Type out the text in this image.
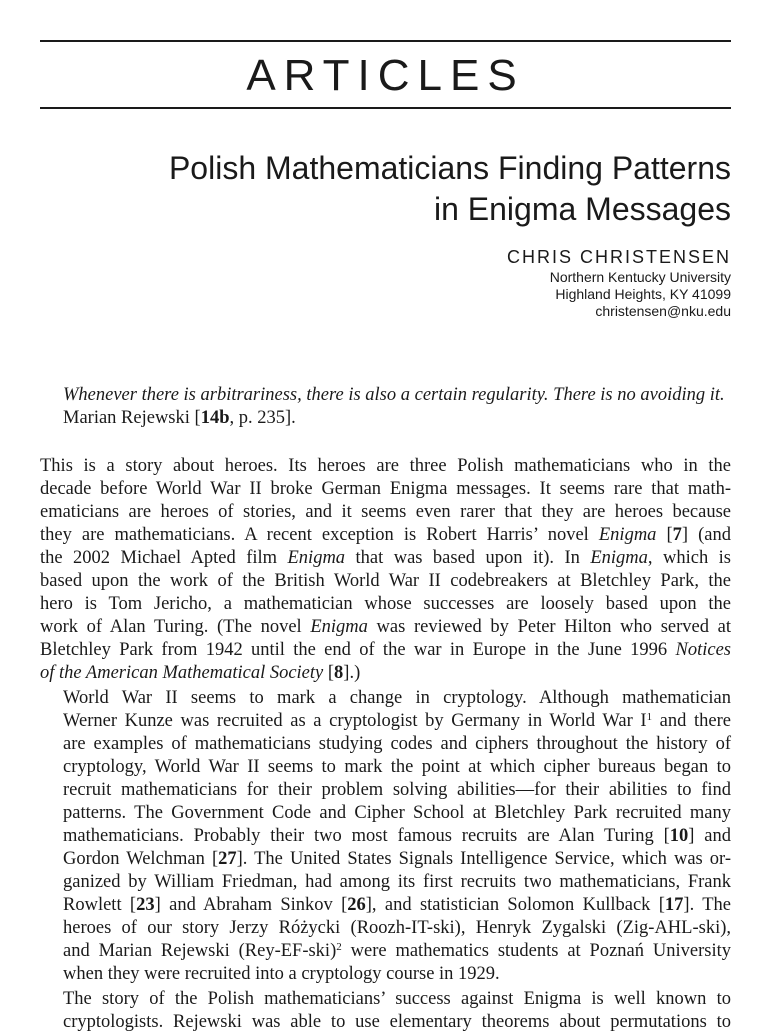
ARTICLES
Polish Mathematicians Finding Patterns
in Enigma Messages
CHRIS CHRISTENSEN
Northern Kentucky University
Highland Heights, KY 41099
christensen@nku.edu
Whenever there is arbitrariness, there is also a certain regularity. There is no avoiding it. Marian Rejewski [14b, p. 235].

This is a story about heroes. Its heroes are three Polish mathematicians who in the
decade before World War II broke German Enigma messages. It seems rare that math-
ematicians are heroes of stories, and it seems even rarer that they are heroes because
they are mathematicians. A recent exception is Robert Harris’ novel Enigma [7] (and
the 2002 Michael Apted film Enigma that was based upon it). In Enigma, which is
based upon the work of the British World War II codebreakers at Bletchley Park, the
hero is Tom Jericho, a mathematician whose successes are loosely based upon the
work of Alan Turing. (The novel Enigma was reviewed by Peter Hilton who served at
Bletchley Park from 1942 until the end of the war in Europe in the June 1996 Notices
of the American Mathematical Society [8].)

World War II seems to mark a change in cryptology. Although mathematician
Werner Kunze was recruited as a cryptologist by Germany in World War $I^1$ and there
are examples of mathematicians studying codes and ciphers throughout the history of
cryptology, World War II seems to mark the point at which cipher bureaus began to
recruit mathematicians for their problem solving abilities—for their abilities to find
patterns. The Government Code and Cipher School at Bletchley Park recruited many
mathematicians. Probably their two most famous recruits are Alan Turing [10] and
Gordon Welchman [27]. The United States Signals Intelligence Service, which was or-
ganized by William Friedman, had among its first recruits two mathematicians, Frank
Rowlett [23] and Abraham Sinkov [26], and statistician Solomon Kullback [17]. The
heroes of our story Jerzy Różycki (Roozh-IT-ski), Henryk Zygalski (Zig-AHL-ski),
and Marian Rejewski $(Rey-EF-ski)^2$ were mathematics students at Poznań University
when they were recruited into a cryptology course in 1929.

The story of the Polish mathematicians’ success against Enigma is well known to
cryptologists. Rejewski was able to use elementary theorems about permutations to
